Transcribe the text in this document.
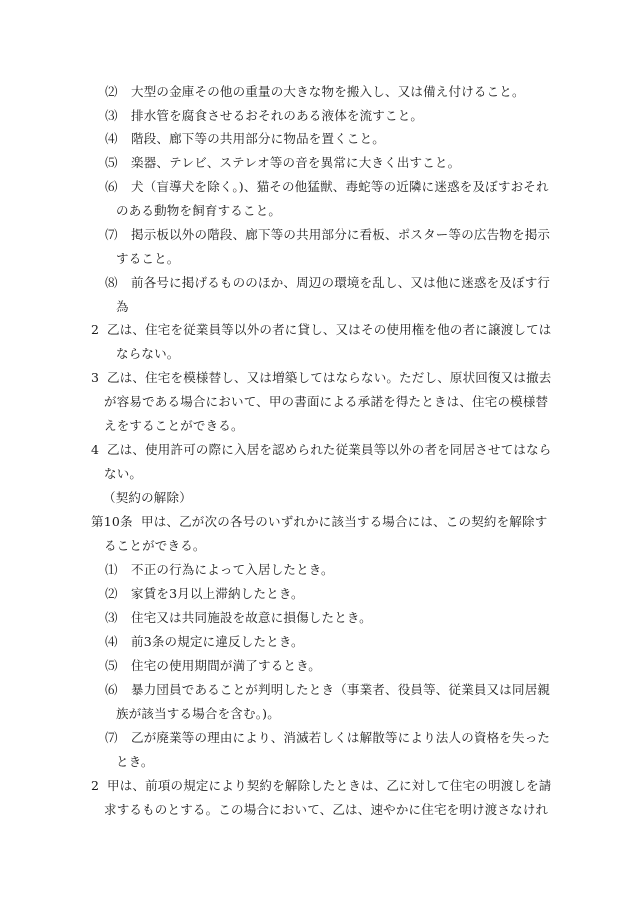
⑵ 大型の金庫その他の重量の大きな物を搬入し、又は備え付けること。
⑶ 排水管を腐食させるおそれのある液体を流すこと。
⑷ 階段、廊下等の共用部分に物品を置くこと。
⑸ 楽器、テレビ、ステレオ等の音を異常に大きく出すこと。
⑹ 犬（盲導犬を除く。)、猫その他猛獣、毒蛇等の近隣に迷惑を及ぼすおそれ
のある動物を飼育すること。
⑺ 掲示板以外の階段、廊下等の共用部分に看板、ポスター等の広告物を掲示
すること。
⑻ 前各号に掲げるもののほか、周辺の環境を乱し、又は他に迷惑を及ぼす行
為
2 乙は、住宅を従業員等以外の者に貸し、又はその使用権を他の者に譲渡しては
ならない。
3 乙は、住宅を模様替し、又は増築してはならない。ただし、原状回復又は撤去
が容易である場合において、甲の書面による承諾を得たときは、住宅の模様替
えをすることができる。
4 乙は、使用許可の際に入居を認められた従業員等以外の者を同居させてはなら
ない。
（契約の解除）
第10条 甲は、乙が次の各号のいずれかに該当する場合には、この契約を解除す
ることができる。
⑴ 不正の行為によって入居したとき。
⑵ 家賃を3月以上滞納したとき。
⑶ 住宅又は共同施設を故意に損傷したとき。
⑷ 前3条の規定に違反したとき。
⑸ 住宅の使用期間が満了するとき。
⑹ 暴力団員であることが判明したとき（事業者、役員等、従業員又は同居親
族が該当する場合を含む。)。
⑺ 乙が廃業等の理由により、消滅若しくは解散等により法人の資格を失った
とき。
2 甲は、前項の規定により契約を解除したときは、乙に対して住宅の明渡しを請
求するものとする。この場合において、乙は、速やかに住宅を明け渡さなけれ
